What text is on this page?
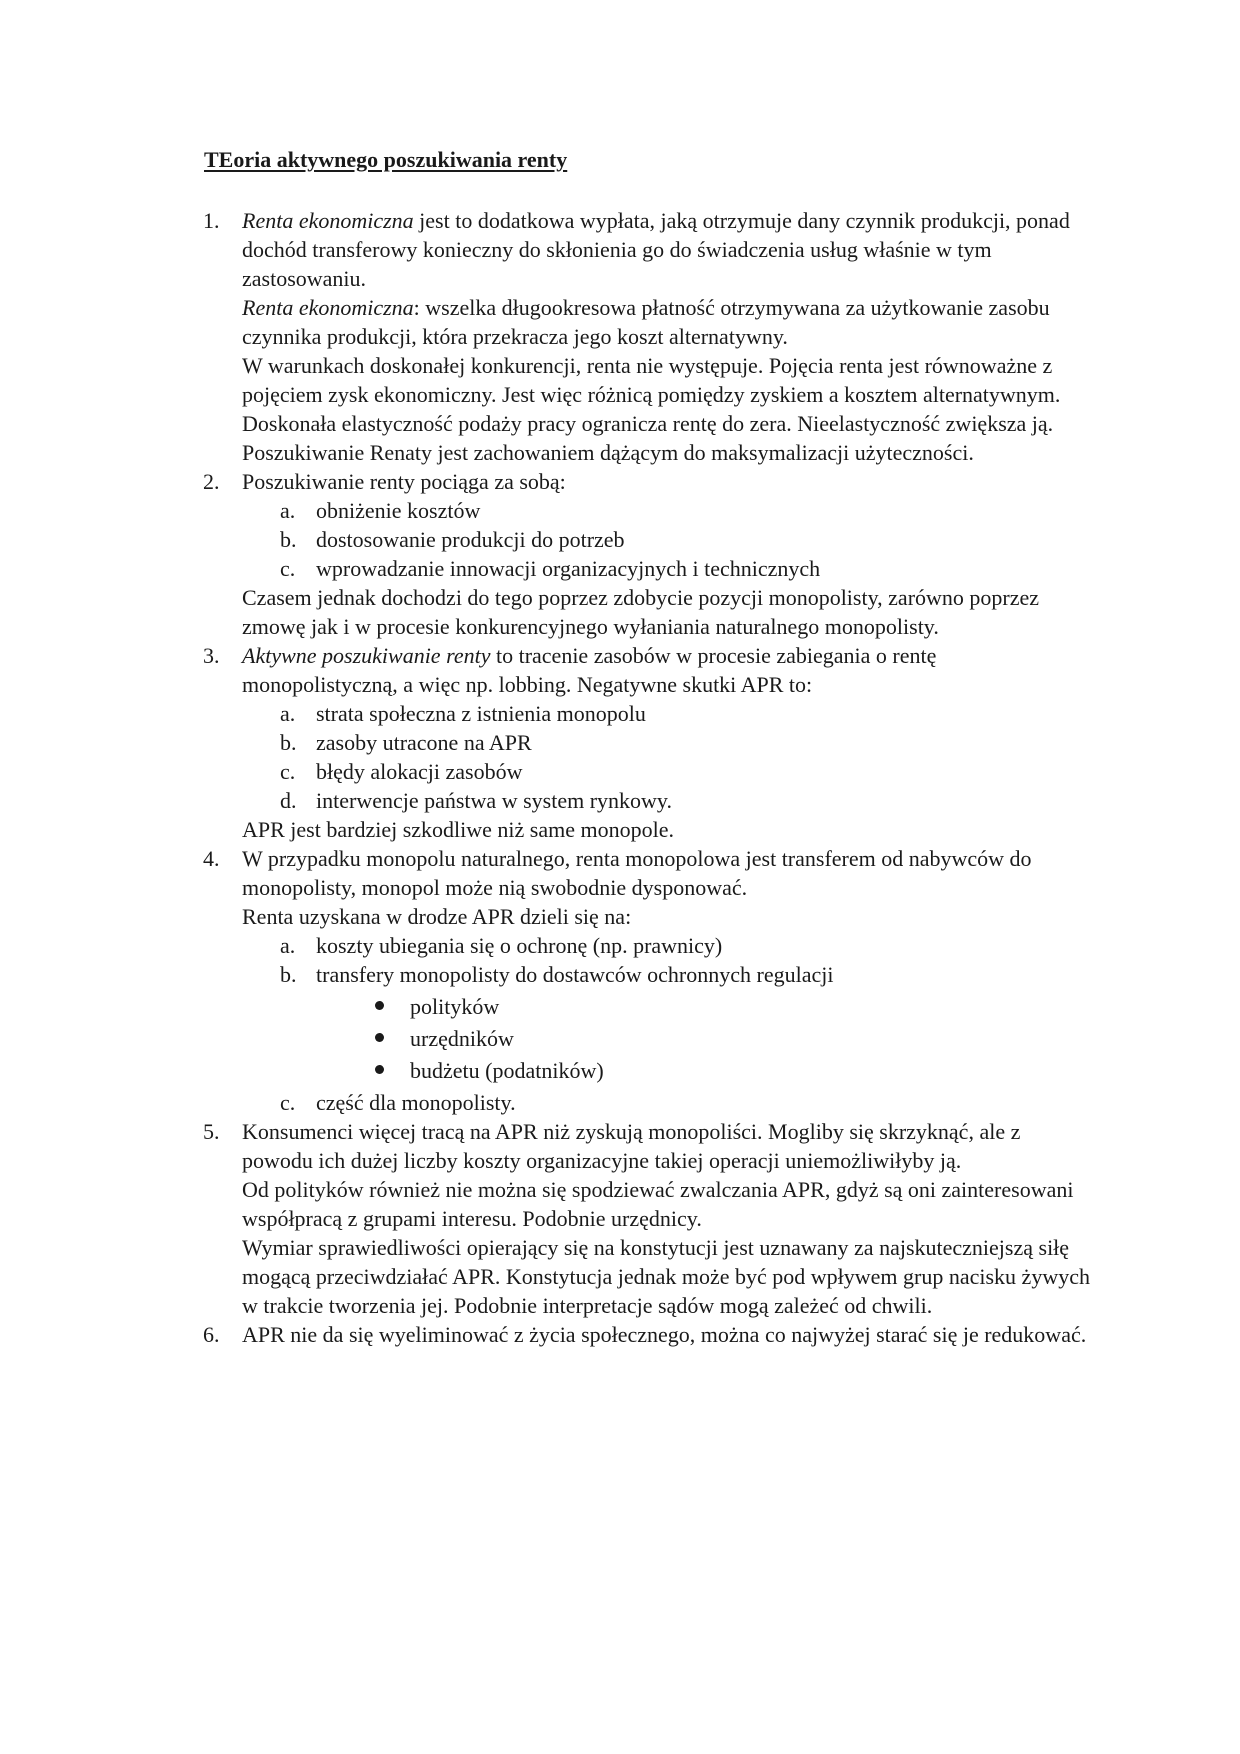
TEoria aktywnego poszukiwania renty
1. Renta ekonomiczna jest to dodatkowa wypłata, jaką otrzymuje dany czynnik produkcji, ponad dochód transferowy konieczny do skłonienia go do świadczenia usług właśnie w tym zastosowaniu.

Renta ekonomiczna: wszelka długookresowa płatność otrzymywana za użytkowanie zasobu czynnika produkcji, która przekracza jego koszt alternatywny.

W warunkach doskonałej konkurencji, renta nie występuje. Pojęcia renta jest równoważne z pojęciem zysk ekonomiczny. Jest więc różnicą pomiędzy zyskiem a kosztem alternatywnym. Doskonała elastyczność podaży pracy ogranicza rentę do zera. Nieelastyczność zwiększa ją.

Poszukiwanie Renaty jest zachowaniem dążącym do maksymalizacji użyteczności.

2. Poszukiwanie renty pociąga za sobą:

a. obniżenie kosztów
b. dostosowanie produkcji do potrzeb
c. wprowadzanie innowacji organizacyjnych i technicznych

Czasem jednak dochodzi do tego poprzez zdobycie pozycji monopolisty, zarówno poprzez zmowę jak i w procesie konkurencyjnego wyłaniania naturalnego monopolisty.

3. Aktywne poszukiwanie renty to tracenie zasobów w procesie zabiegania o rentę monopolistyczną, a więc np. lobbing. Negatywne skutki APR to:

a. strata społeczna z istnienia monopolu
b. zasoby utracone na APR
c. błędy alokacji zasobów
d. interwencje państwa w system rynkowy.

APR jest bardziej szkodliwe niż same monopole.

4. W przypadku monopolu naturalnego, renta monopolowa jest transferem od nabywców do monopolisty, monopol może nią swobodnie dysponować.

Renta uzyskana w drodze APR dzieli się na:

a. koszty ubiegania się o ochronę (np. prawnicy)
b. transfery monopolisty do dostawców ochronnych regulacji
polityków
urzędników
budżetu (podatników)
c. część dla monopolisty.
5. Konsumenci więcej tracą na APR niż zyskują monopoliści. Mogliby się skrzyknąć, ale z powodu ich dużej liczby koszty organizacyjne takiej operacji uniemożliwiłyby ją.

Od polityków również nie można się spodziewać zwalczania APR, gdyż są oni zainteresowani współpracą z grupami interesu. Podobnie urzędnicy.

Wymiar sprawiedliwości opierający się na konstytucji jest uznawany za najskuteczniejszą siłę mogącą przeciwdziałać APR. Konstytucja jednak może być pod wpływem grup nacisku żywych w trakcie tworzenia jej. Podobnie interpretacje sądów mogą zależeć od chwili.

6. APR nie da się wyeliminować z życia społecznego, można co najwyżej starać się je redukować.
